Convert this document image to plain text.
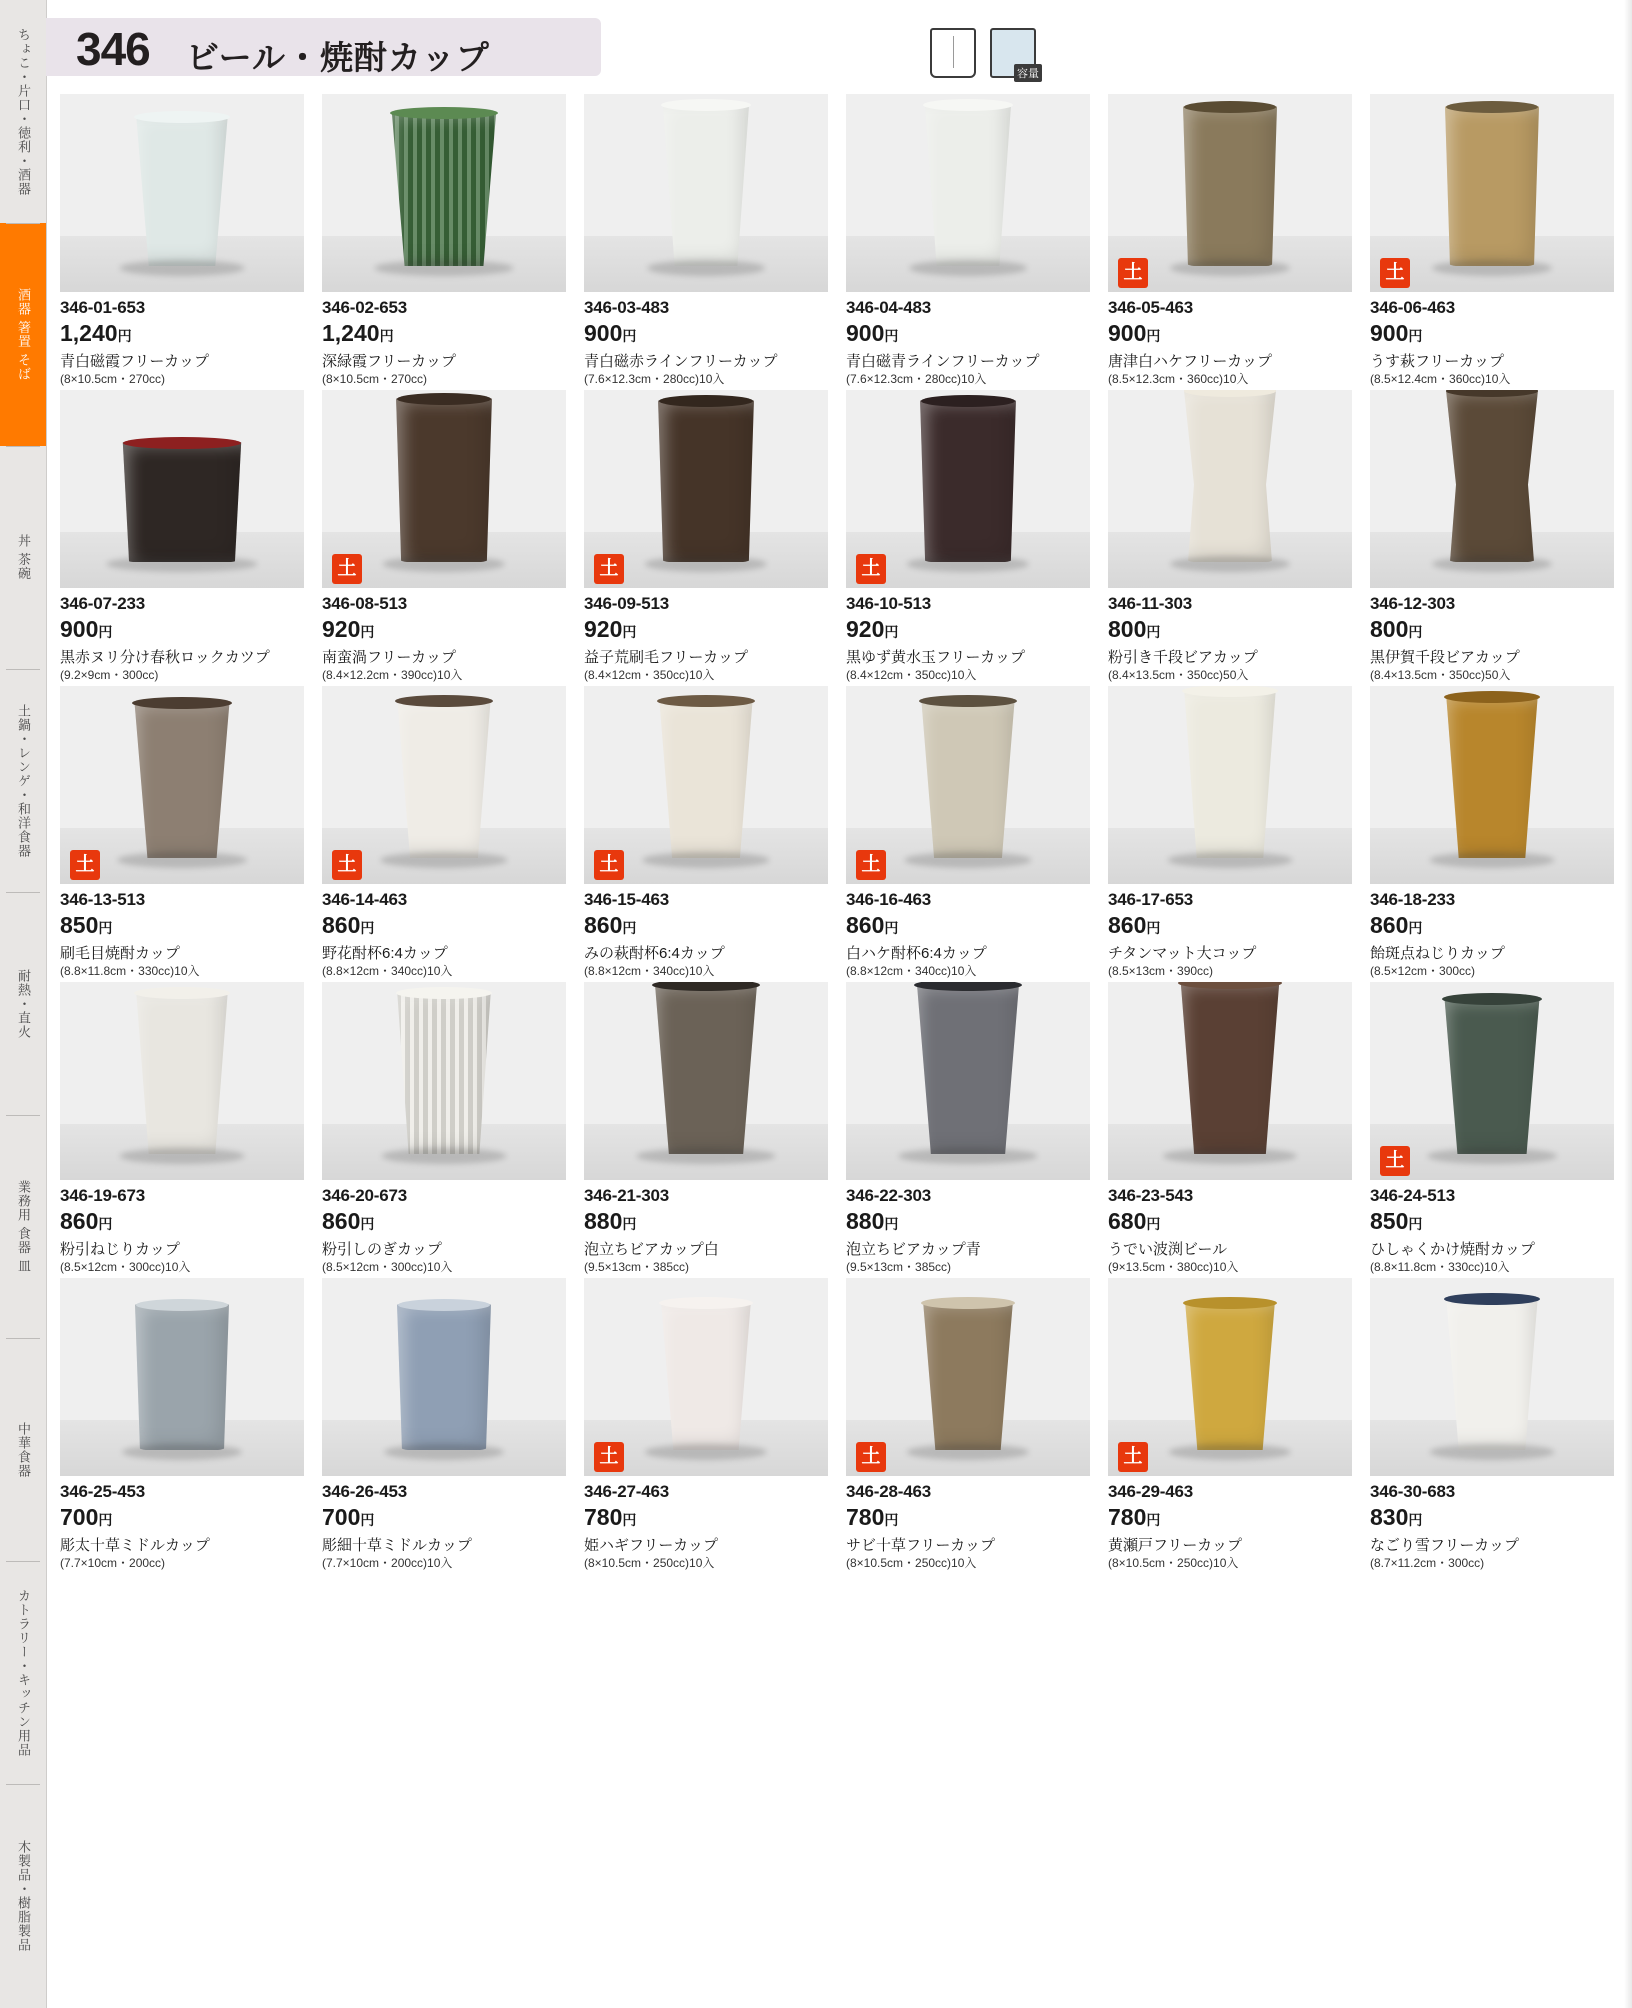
ちょこ・片口・徳利・酒器
酒器 箸置 そば
丼 茶碗
土鍋・レンゲ・和洋食器
耐熱・直火
業務用 食器 皿
中華食器
カトラリー・キッチン用品
木製品・樹脂製品
346 ビール・焼酎カップ	容量
346-01-653
1,240円
青白磁霞フリーカップ
(8×10.5cm・270cc)
346-02-653
1,240円
深緑霞フリーカップ
(8×10.5cm・270cc)
346-03-483
900円
青白磁赤ラインフリーカップ
(7.6×12.3cm・280cc)10入
346-04-483
900円
青白磁青ラインフリーカップ
(7.6×12.3cm・280cc)10入
土
346-05-463
900円
唐津白ハケフリーカップ
(8.5×12.3cm・360cc)10入
土
346-06-463
900円
うす萩フリーカップ
(8.5×12.4cm・360cc)10入
346-07-233
900円
黒赤ヌリ分け春秋ロックカツプ
(9.2×9cm・300cc)
土
346-08-513
920円
南蛮渦フリーカップ
(8.4×12.2cm・390cc)10入
土
346-09-513
920円
益子荒刷毛フリーカップ
(8.4×12cm・350cc)10入
土
346-10-513
920円
黒ゆず黄水玉フリーカップ
(8.4×12cm・350cc)10入
346-11-303
800円
粉引き千段ビアカップ
(8.4×13.5cm・350cc)50入
346-12-303
800円
黒伊賀千段ビアカップ
(8.4×13.5cm・350cc)50入
土
346-13-513
850円
刷毛目焼酎カップ
(8.8×11.8cm・330cc)10入
土
346-14-463
860円
野花酎杯6:4カップ
(8.8×12cm・340cc)10入
土
346-15-463
860円
みの萩酎杯6:4カップ
(8.8×12cm・340cc)10入
土
346-16-463
860円
白ハケ酎杯6:4カップ
(8.8×12cm・340cc)10入
346-17-653
860円
チタンマット大コップ
(8.5×13cm・390cc)
346-18-233
860円
飴斑点ねじりカップ
(8.5×12cm・300cc)
346-19-673
860円
粉引ねじりカップ
(8.5×12cm・300cc)10入
346-20-673
860円
粉引しのぎカップ
(8.5×12cm・300cc)10入
346-21-303
880円
泡立ちビアカップ白
(9.5×13cm・385cc)
346-22-303
880円
泡立ちビアカップ青
(9.5×13cm・385cc)
346-23-543
680円
うでい波渕ビール
(9×13.5cm・380cc)10入
土
346-24-513
850円
ひしゃくかけ焼酎カップ
(8.8×11.8cm・330cc)10入
346-25-453
700円
彫太十草ミドルカップ
(7.7×10cm・200cc)
346-26-453
700円
彫細十草ミドルカップ
(7.7×10cm・200cc)10入
土
346-27-463
780円
姫ハギフリーカップ
(8×10.5cm・250cc)10入
土
346-28-463
780円
サビ十草フリーカップ
(8×10.5cm・250cc)10入
土
346-29-463
780円
黄瀬戸フリーカップ
(8×10.5cm・250cc)10入
346-30-683
830円
なごり雪フリーカップ
(8.7×11.2cm・300cc)
